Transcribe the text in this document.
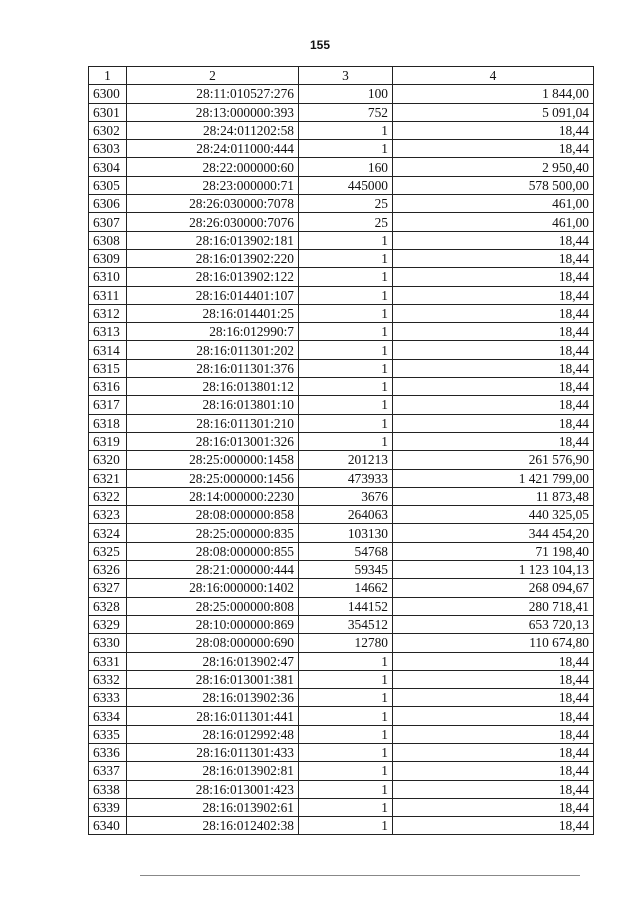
155
1	2	3	4
6300	28:11:010527:276	100	1 844,00
6301	28:13:000000:393	752	5 091,04
6302	28:24:011202:58	1	18,44
6303	28:24:011000:444	1	18,44
6304	28:22:000000:60	160	2 950,40
6305	28:23:000000:71	445000	578 500,00
6306	28:26:030000:7078	25	461,00
6307	28:26:030000:7076	25	461,00
6308	28:16:013902:181	1	18,44
6309	28:16:013902:220	1	18,44
6310	28:16:013902:122	1	18,44
6311	28:16:014401:107	1	18,44
6312	28:16:014401:25	1	18,44
6313	28:16:012990:7	1	18,44
6314	28:16:011301:202	1	18,44
6315	28:16:011301:376	1	18,44
6316	28:16:013801:12	1	18,44
6317	28:16:013801:10	1	18,44
6318	28:16:011301:210	1	18,44
6319	28:16:013001:326	1	18,44
6320	28:25:000000:1458	201213	261 576,90
6321	28:25:000000:1456	473933	1 421 799,00
6322	28:14:000000:2230	3676	11 873,48
6323	28:08:000000:858	264063	440 325,05
6324	28:25:000000:835	103130	344 454,20
6325	28:08:000000:855	54768	71 198,40
6326	28:21:000000:444	59345	1 123 104,13
6327	28:16:000000:1402	14662	268 094,67
6328	28:25:000000:808	144152	280 718,41
6329	28:10:000000:869	354512	653 720,13
6330	28:08:000000:690	12780	110 674,80
6331	28:16:013902:47	1	18,44
6332	28:16:013001:381	1	18,44
6333	28:16:013902:36	1	18,44
6334	28:16:011301:441	1	18,44
6335	28:16:012992:48	1	18,44
6336	28:16:011301:433	1	18,44
6337	28:16:013902:81	1	18,44
6338	28:16:013001:423	1	18,44
6339	28:16:013902:61	1	18,44
6340	28:16:012402:38	1	18,44
